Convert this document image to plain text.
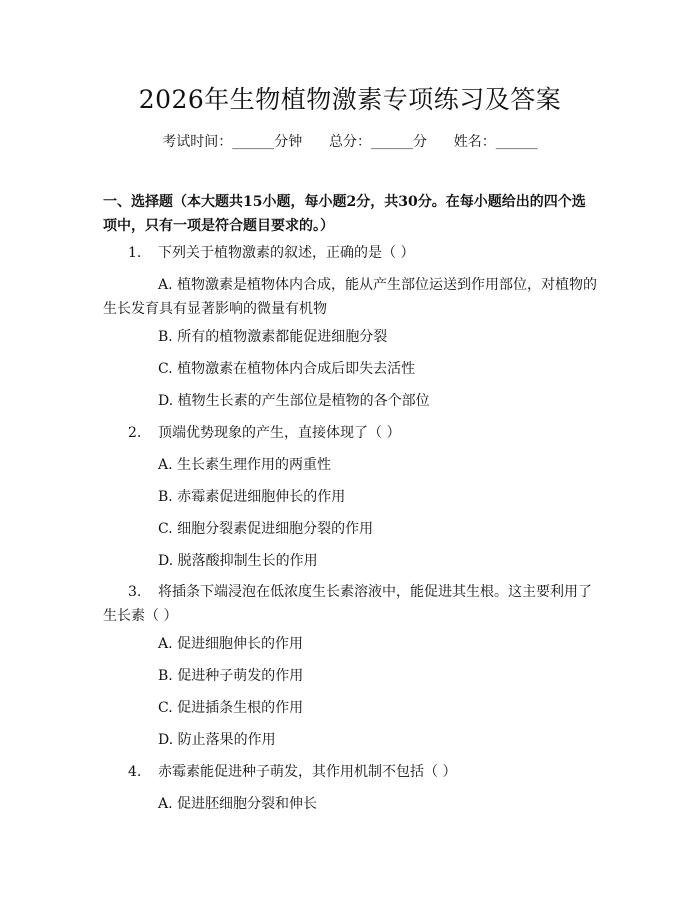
2026年生物植物激素专项练习及答案
考试时间：______分钟 总分：______分 姓名：______
一、选择题（本大题共15小题，每小题2分，共30分。在每小题给出的四个选项中，只有一项是符合题目要求的。）
1. 下列关于植物激素的叙述，正确的是（ ）
A. 植物激素是植物体内合成，能从产生部位运送到作用部位，对植物的生长发育具有显著影响的微量有机物
B. 所有的植物激素都能促进细胞分裂
C. 植物激素在植物体内合成后即失去活性
D. 植物生长素的产生部位是植物的各个部位
2. 顶端优势现象的产生，直接体现了（ ）
A. 生长素生理作用的两重性
B. 赤霉素促进细胞伸长的作用
C. 细胞分裂素促进细胞分裂的作用
D. 脱落酸抑制生长的作用
3. 将插条下端浸泡在低浓度生长素溶液中，能促进其生根。这主要利用了生长素（ ）
A. 促进细胞伸长的作用
B. 促进种子萌发的作用
C. 促进插条生根的作用
D. 防止落果的作用
4. 赤霉素能促进种子萌发，其作用机制不包括（ ）
A. 促进胚细胞分裂和伸长
